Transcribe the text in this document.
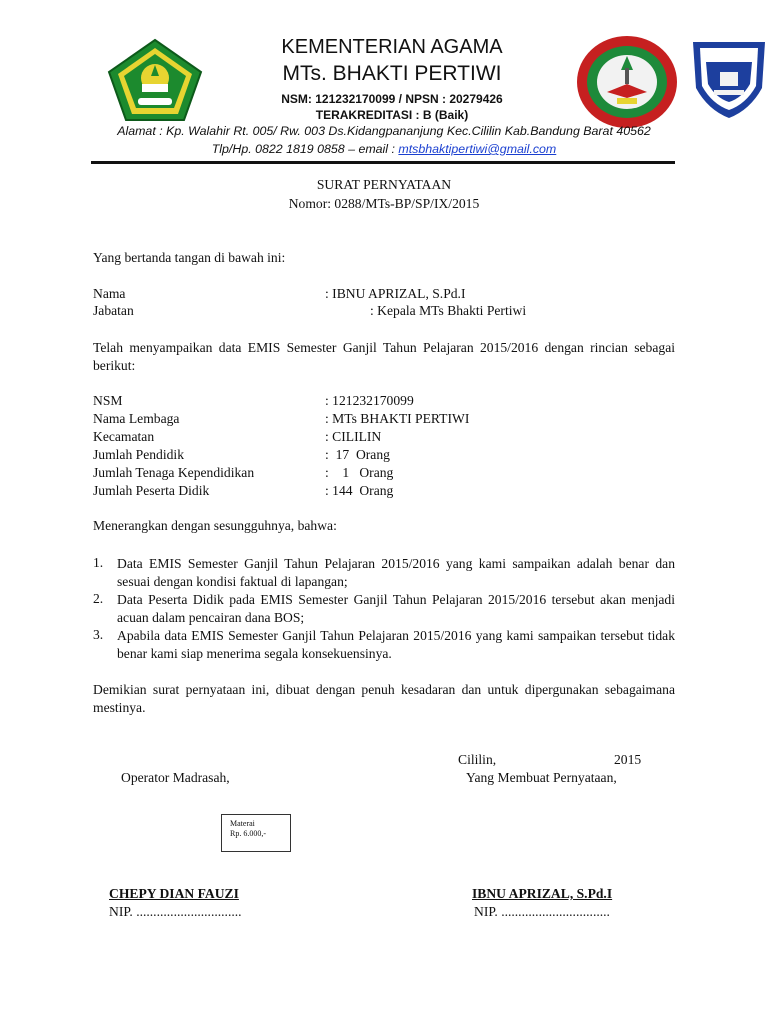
KEMENTERIAN AGAMA
MTs. BHAKTI PERTIWI
NSM: 121232170099 / NPSN : 20279426
TERAKREDITASI : B (Baik)
Alamat : Kp. Walahir Rt. 005/ Rw. 003 Ds.Kidangpananjung Kec.Cililin Kab.Bandung Barat 40562
Tlp/Hp. 0822 1819 0858 – email : mtsbhaktipertiwi@gmail.com
SURAT PERNYATAAN
Nomor: 0288/MTs-BP/SP/IX/2015
Yang bertanda tangan di bawah ini:
Nama	: IBNU APRIZAL, S.Pd.I
Jabatan	: Kepala MTs Bhakti Pertiwi
Telah menyampaikan data EMIS Semester Ganjil Tahun Pelajaran 2015/2016 dengan rincian sebagai berikut:
NSM	: 121232170099
Nama Lembaga	: MTs BHAKTI PERTIWI
Kecamatan	: CILILIN
Jumlah Pendidik	:  17  Orang
Jumlah Tenaga Kependidikan	:    1   Orang
Jumlah Peserta Didik	: 144  Orang
Menerangkan dengan sesungguhnya, bahwa:
1. Data EMIS Semester Ganjil Tahun Pelajaran 2015/2016 yang kami sampaikan adalah benar dan sesuai dengan kondisi faktual di lapangan;
2. Data Peserta Didik pada EMIS Semester Ganjil Tahun Pelajaran 2015/2016 tersebut akan menjadi acuan dalam pencairan dana BOS;
3. Apabila data EMIS Semester Ganjil Tahun Pelajaran 2015/2016 yang kami sampaikan tersebut tidak benar kami siap menerima segala konsekuensinya.
Demikian surat pernyataan ini, dibuat dengan penuh kesadaran dan untuk dipergunakan sebagaimana mestinya.
Cililin,	2015
Operator Madrasah,	Yang Membuat Pernyataan,
Materai
Rp. 6.000,-
CHEPY DIAN FAUZI	IBNU APRIZAL, S.Pd.I
NIP. ...............................	NIP. ................................
